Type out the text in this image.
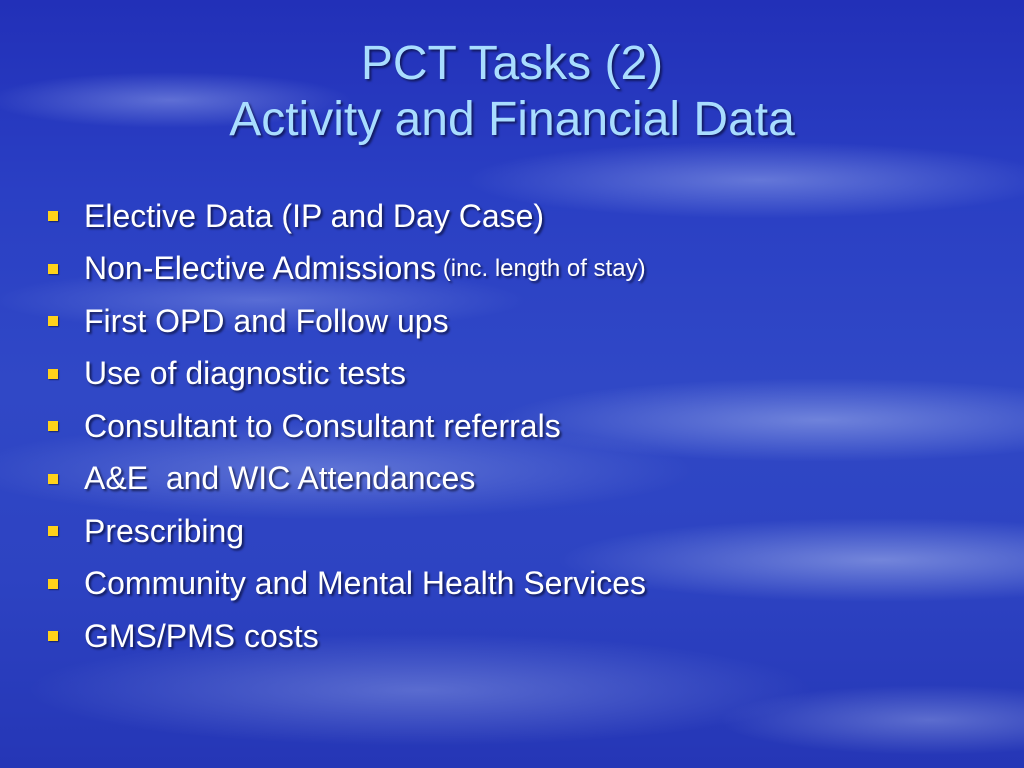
PCT Tasks (2)
Activity and Financial Data
Elective Data (IP and Day Case)
Non-Elective Admissions (inc. length of stay)
First OPD and Follow ups
Use of diagnostic tests
Consultant to Consultant referrals
A&E  and WIC Attendances
Prescribing
Community and Mental Health Services
GMS/PMS costs
